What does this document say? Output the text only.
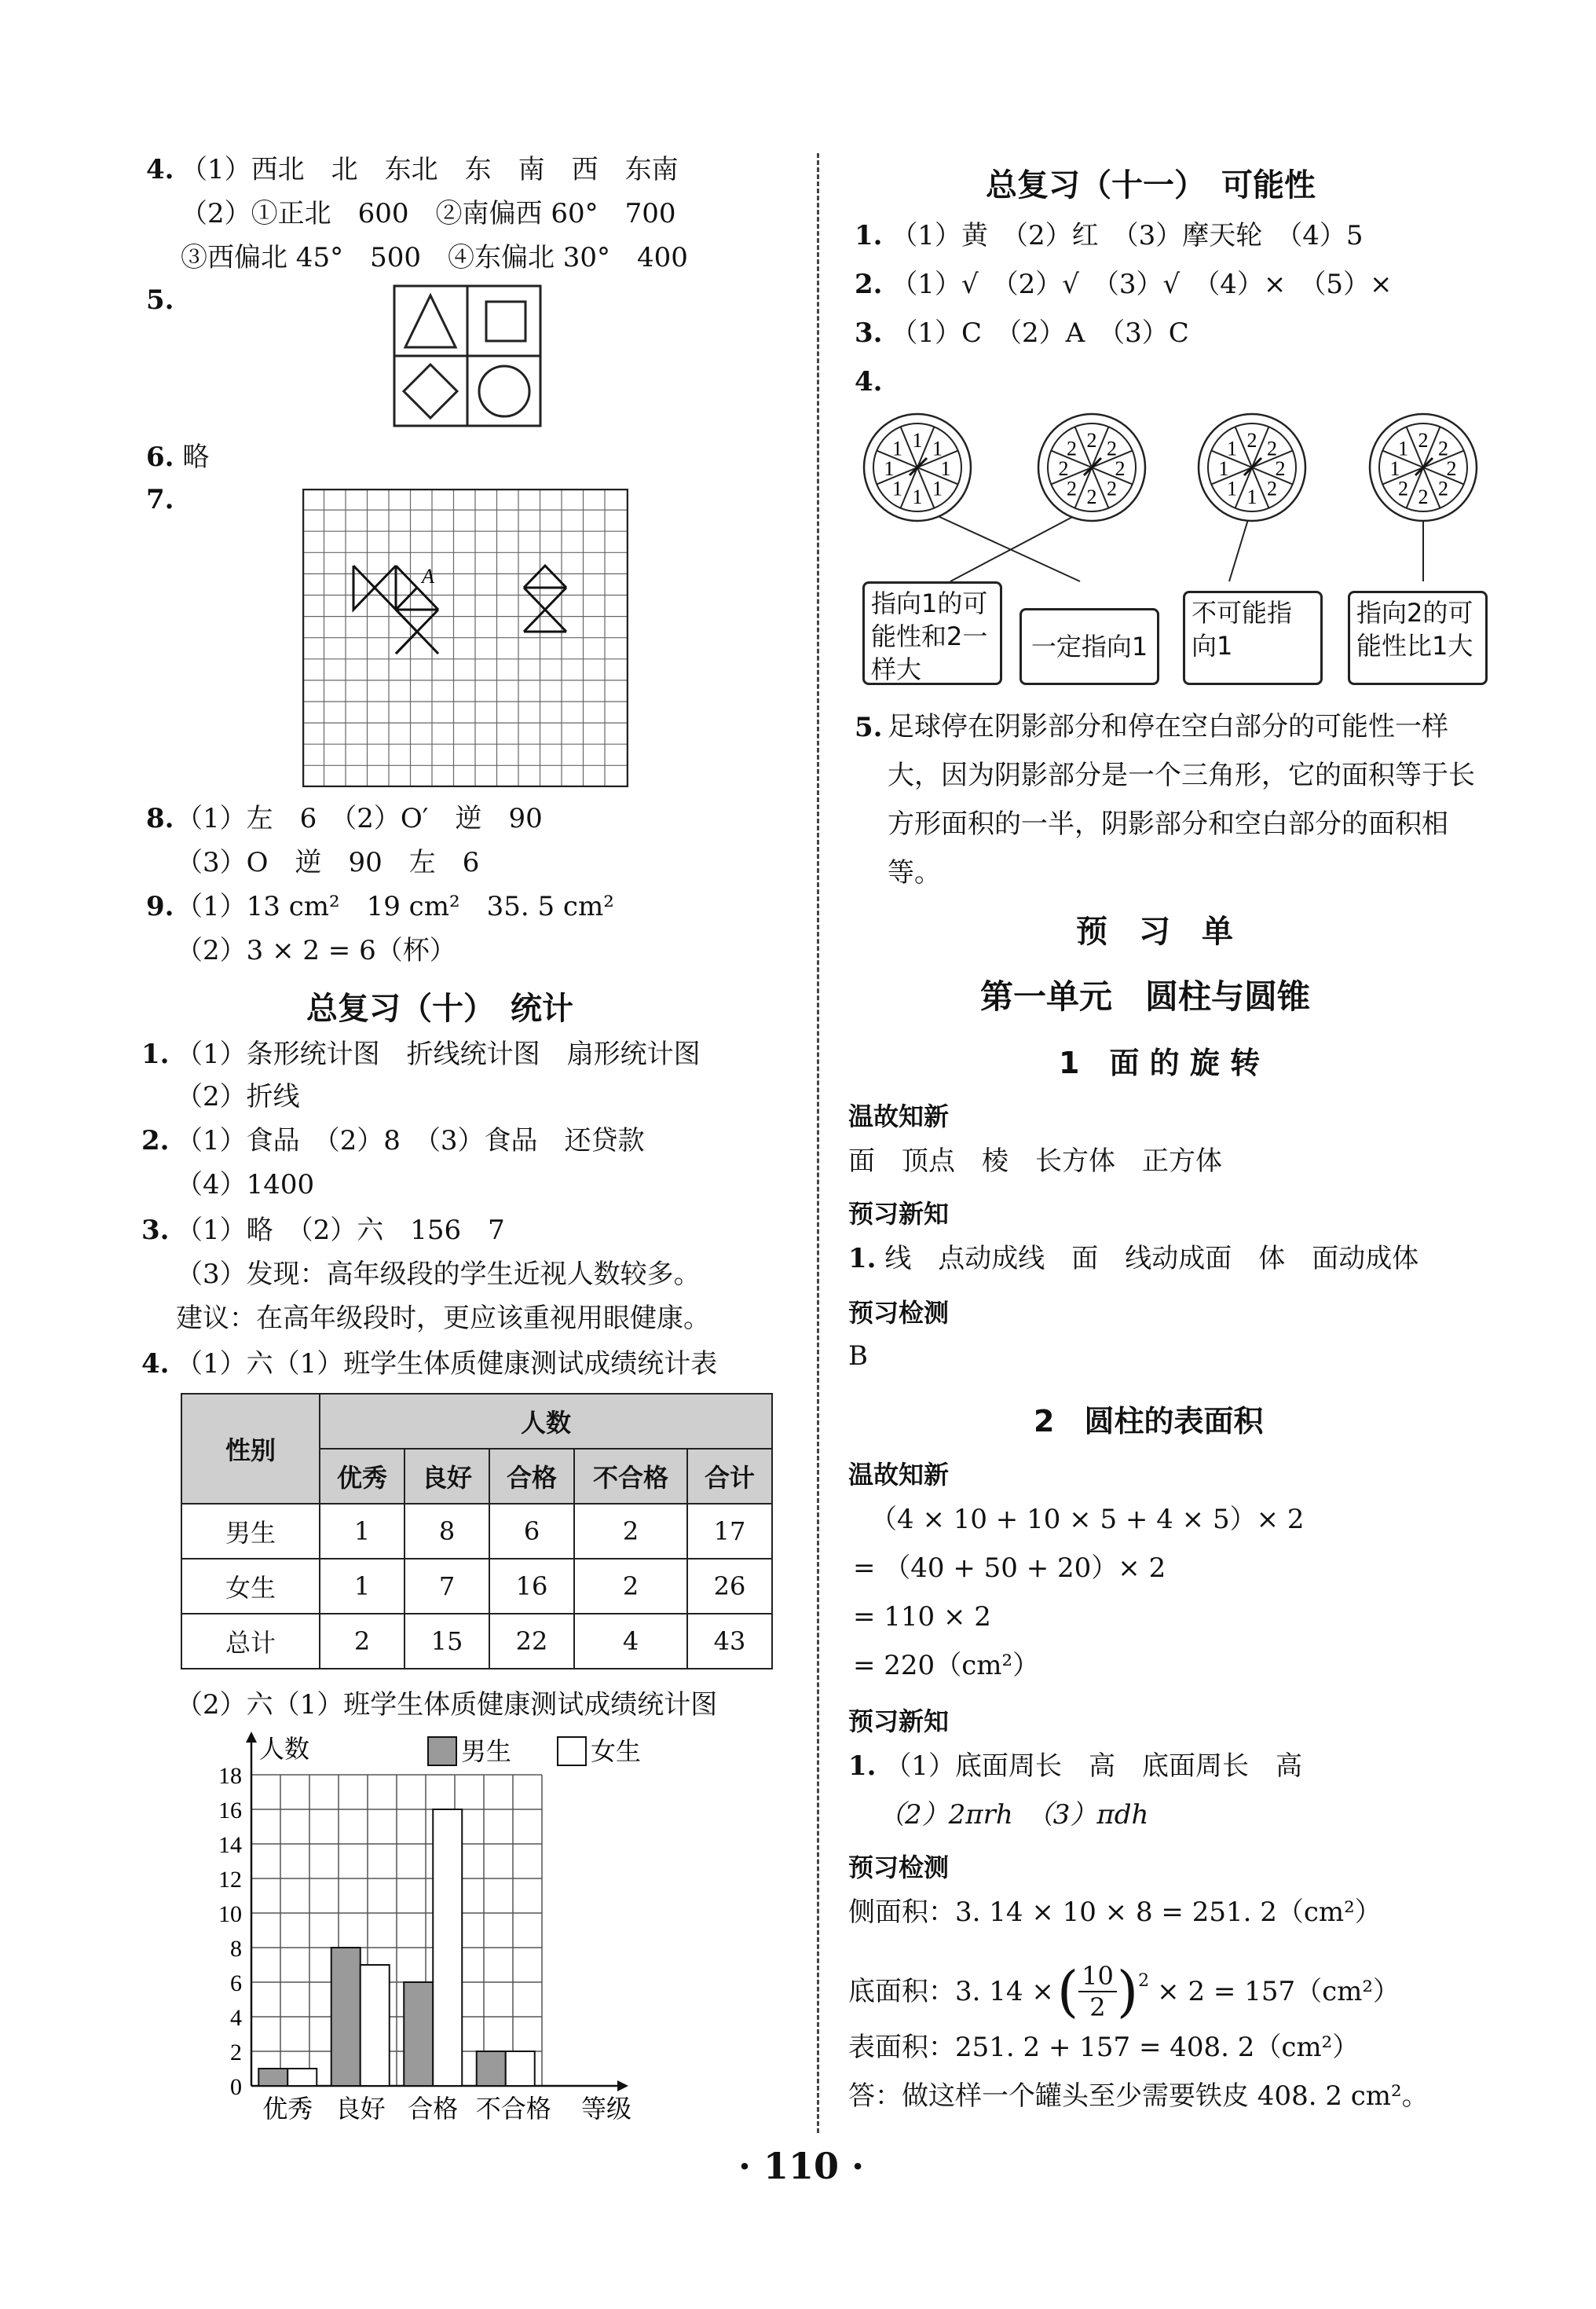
4. （1）西北　北　东北　东　南　西　东南
（2）①正北　600　②南偏西 60°　700
③西偏北 45°　500　④东偏北 30°　400
5.
6. 略
7.
A
8. （1）左　6　（2）O′　逆　90
（3）O　逆　90　左　6
9. （1）13 cm²　19 cm²　35. 5 cm²
（2）3 × 2 = 6（杯）
总复习（十）　统计
1. （1）条形统计图　折线统计图　扇形统计图
（2）折线
2. （1）食品　（2）8　（3）食品　还贷款
（4）1400
3. （1）略　（2）六　156　7
（3）发现：高年级段的学生近视人数较多。
建议：在高年级段时，更应该重视用眼健康。
4. （1）六（1）班学生体质健康测试成绩统计表
性别	人数				
	优秀	良好	合格	不合格	合计
男生	1	8	6	2	17
女生	1	7	16	2	26
总计	2	15	22	4	43
（2）六（1）班学生体质健康测试成绩统计图
0
2
4
6
8
10
12
14
16
18
人数
等级
优秀 良好 合格 不合格
男生	女生
总复习（十一）　可能性
1. （1）黄　（2）红　（3）摩天轮　（4）5
2. （1）√　（2）√　（3）√　（4）×　（5）×
3. （1）C　（2）A　（3）C
4.
1 1
1
1
1
1
1
1	2 2
2
2
2
2
2
2	2 2
2
2
1
1
1
1	2 2
2
2
2
2
1
1
指向1的可能性和2一样大
一定指向1
不可能指向1
指向2的可能性比1大
5. 足球停在阴影部分和停在空白部分的可能性一样大，因为阴影部分是一个三角形，它的面积等于长方形面积的一半，阴影部分和空白部分的面积相等。
预　习　单
第一单元　圆柱与圆锥
1　面 的 旋 转
温故知新
面　顶点　棱　长方体　正方体
预习新知
1. 线　点动成线　面　线动成面　体　面动成体
预习检测
B
2　圆柱的表面积
温故知新
（4 × 10 + 10 × 5 + 4 × 5）× 2
= （40 + 50 + 20）× 2
= 110 × 2
= 220（cm²）
预习新知
1. （1）底面周长　高　底面周长　高
（2）2πrh　（3）πdh
预习检测
侧面积：3. 14 × 10 × 8 = 251. 2（cm²）
底面积：3. 14 × ( $\frac{10}{2}$ ) 2 × 2 = 157（cm²）
表面积：251. 2 + 157 = 408. 2（cm²）
答：做这样一个罐头至少需要铁皮 408. 2 cm²。
· 110 ·
